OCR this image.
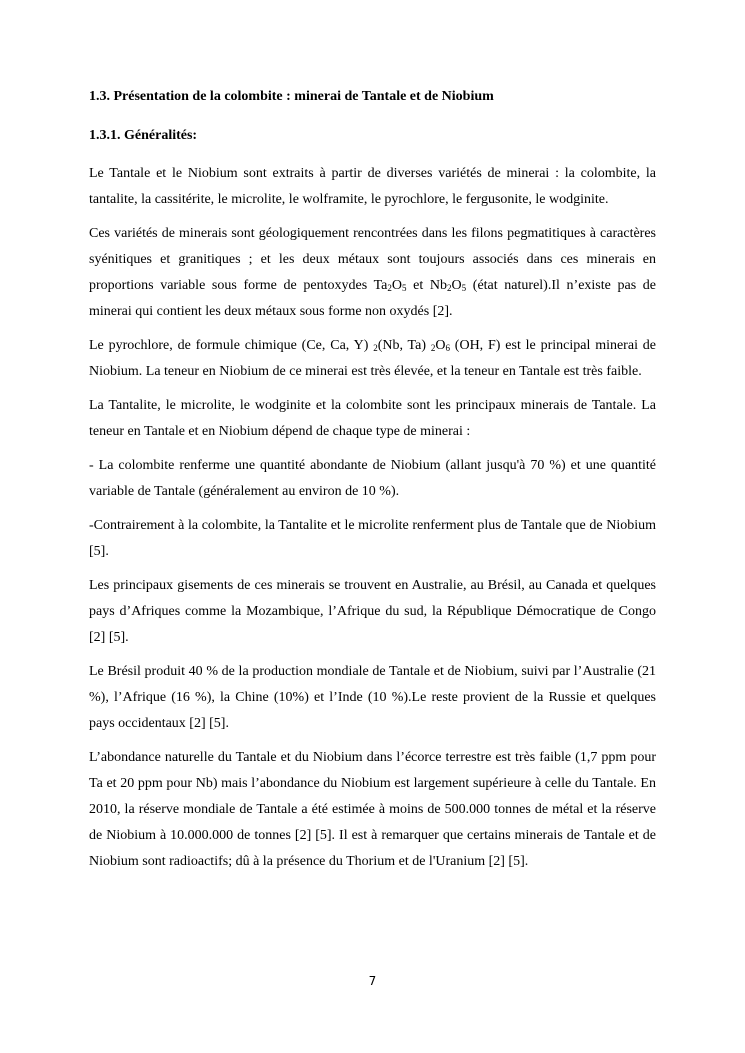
1.3. Présentation de la colombite : minerai de Tantale et de Niobium

1.3.1. Généralités:

Le Tantale et le Niobium sont extraits à partir de diverses variétés de minerai : la colombite, la tantalite, la cassitérite, le microlite, le wolframite, le pyrochlore, le fergusonite, le wodginite.

Ces variétés de minerais sont géologiquement rencontrées dans les filons pegmatitiques à caractères syénitiques et granitiques ; et les deux métaux sont toujours associés dans ces minerais en proportions variable sous forme de pentoxydes $Ta_2O_5$ et $Nb_2O_5$ (état naturel).Il n’existe pas de minerai qui contient les deux métaux sous forme non oxydés [2].

Le pyrochlore, de formule chimique (Ce, Ca, Y) $_2$(Nb, Ta) $_2O_6$ (OH, F) est le principal minerai de Niobium. La teneur en Niobium de ce minerai est très élevée, et la teneur en Tantale est très faible.

La Tantalite, le microlite, le wodginite et la colombite sont les principaux minerais de Tantale. La teneur en Tantale et en Niobium dépend de chaque type de minerai :

- La colombite renferme une quantité abondante de Niobium (allant jusqu'à 70 %) et une quantité variable de Tantale (généralement au environ de 10 %).

-Contrairement à la colombite, la Tantalite et le microlite renferment plus de Tantale que de Niobium [5].

Les principaux gisements de ces minerais se trouvent en Australie, au Brésil, au Canada et quelques pays d’Afriques comme la Mozambique, l’Afrique du sud, la République Démocratique de Congo [2] [5].

Le Brésil produit 40 % de la production mondiale de Tantale et de Niobium, suivi par l’Australie (21 %), l’Afrique (16 %), la Chine (10%) et l’Inde (10 %).Le reste provient de la Russie et quelques pays occidentaux [2] [5].

L’abondance naturelle du Tantale et du Niobium dans l’écorce terrestre est très faible (1,7 ppm pour Ta et 20 ppm pour Nb) mais l’abondance du Niobium est largement supérieure à celle du Tantale. En 2010, la réserve mondiale de Tantale a été estimée à moins de 500.000 tonnes de métal et la réserve de Niobium à 10.000.000 de tonnes [2] [5]. Il est à remarquer que certains minerais de Tantale et de Niobium sont radioactifs; dû à la présence du Thorium et de l'Uranium [2] [5].

7
